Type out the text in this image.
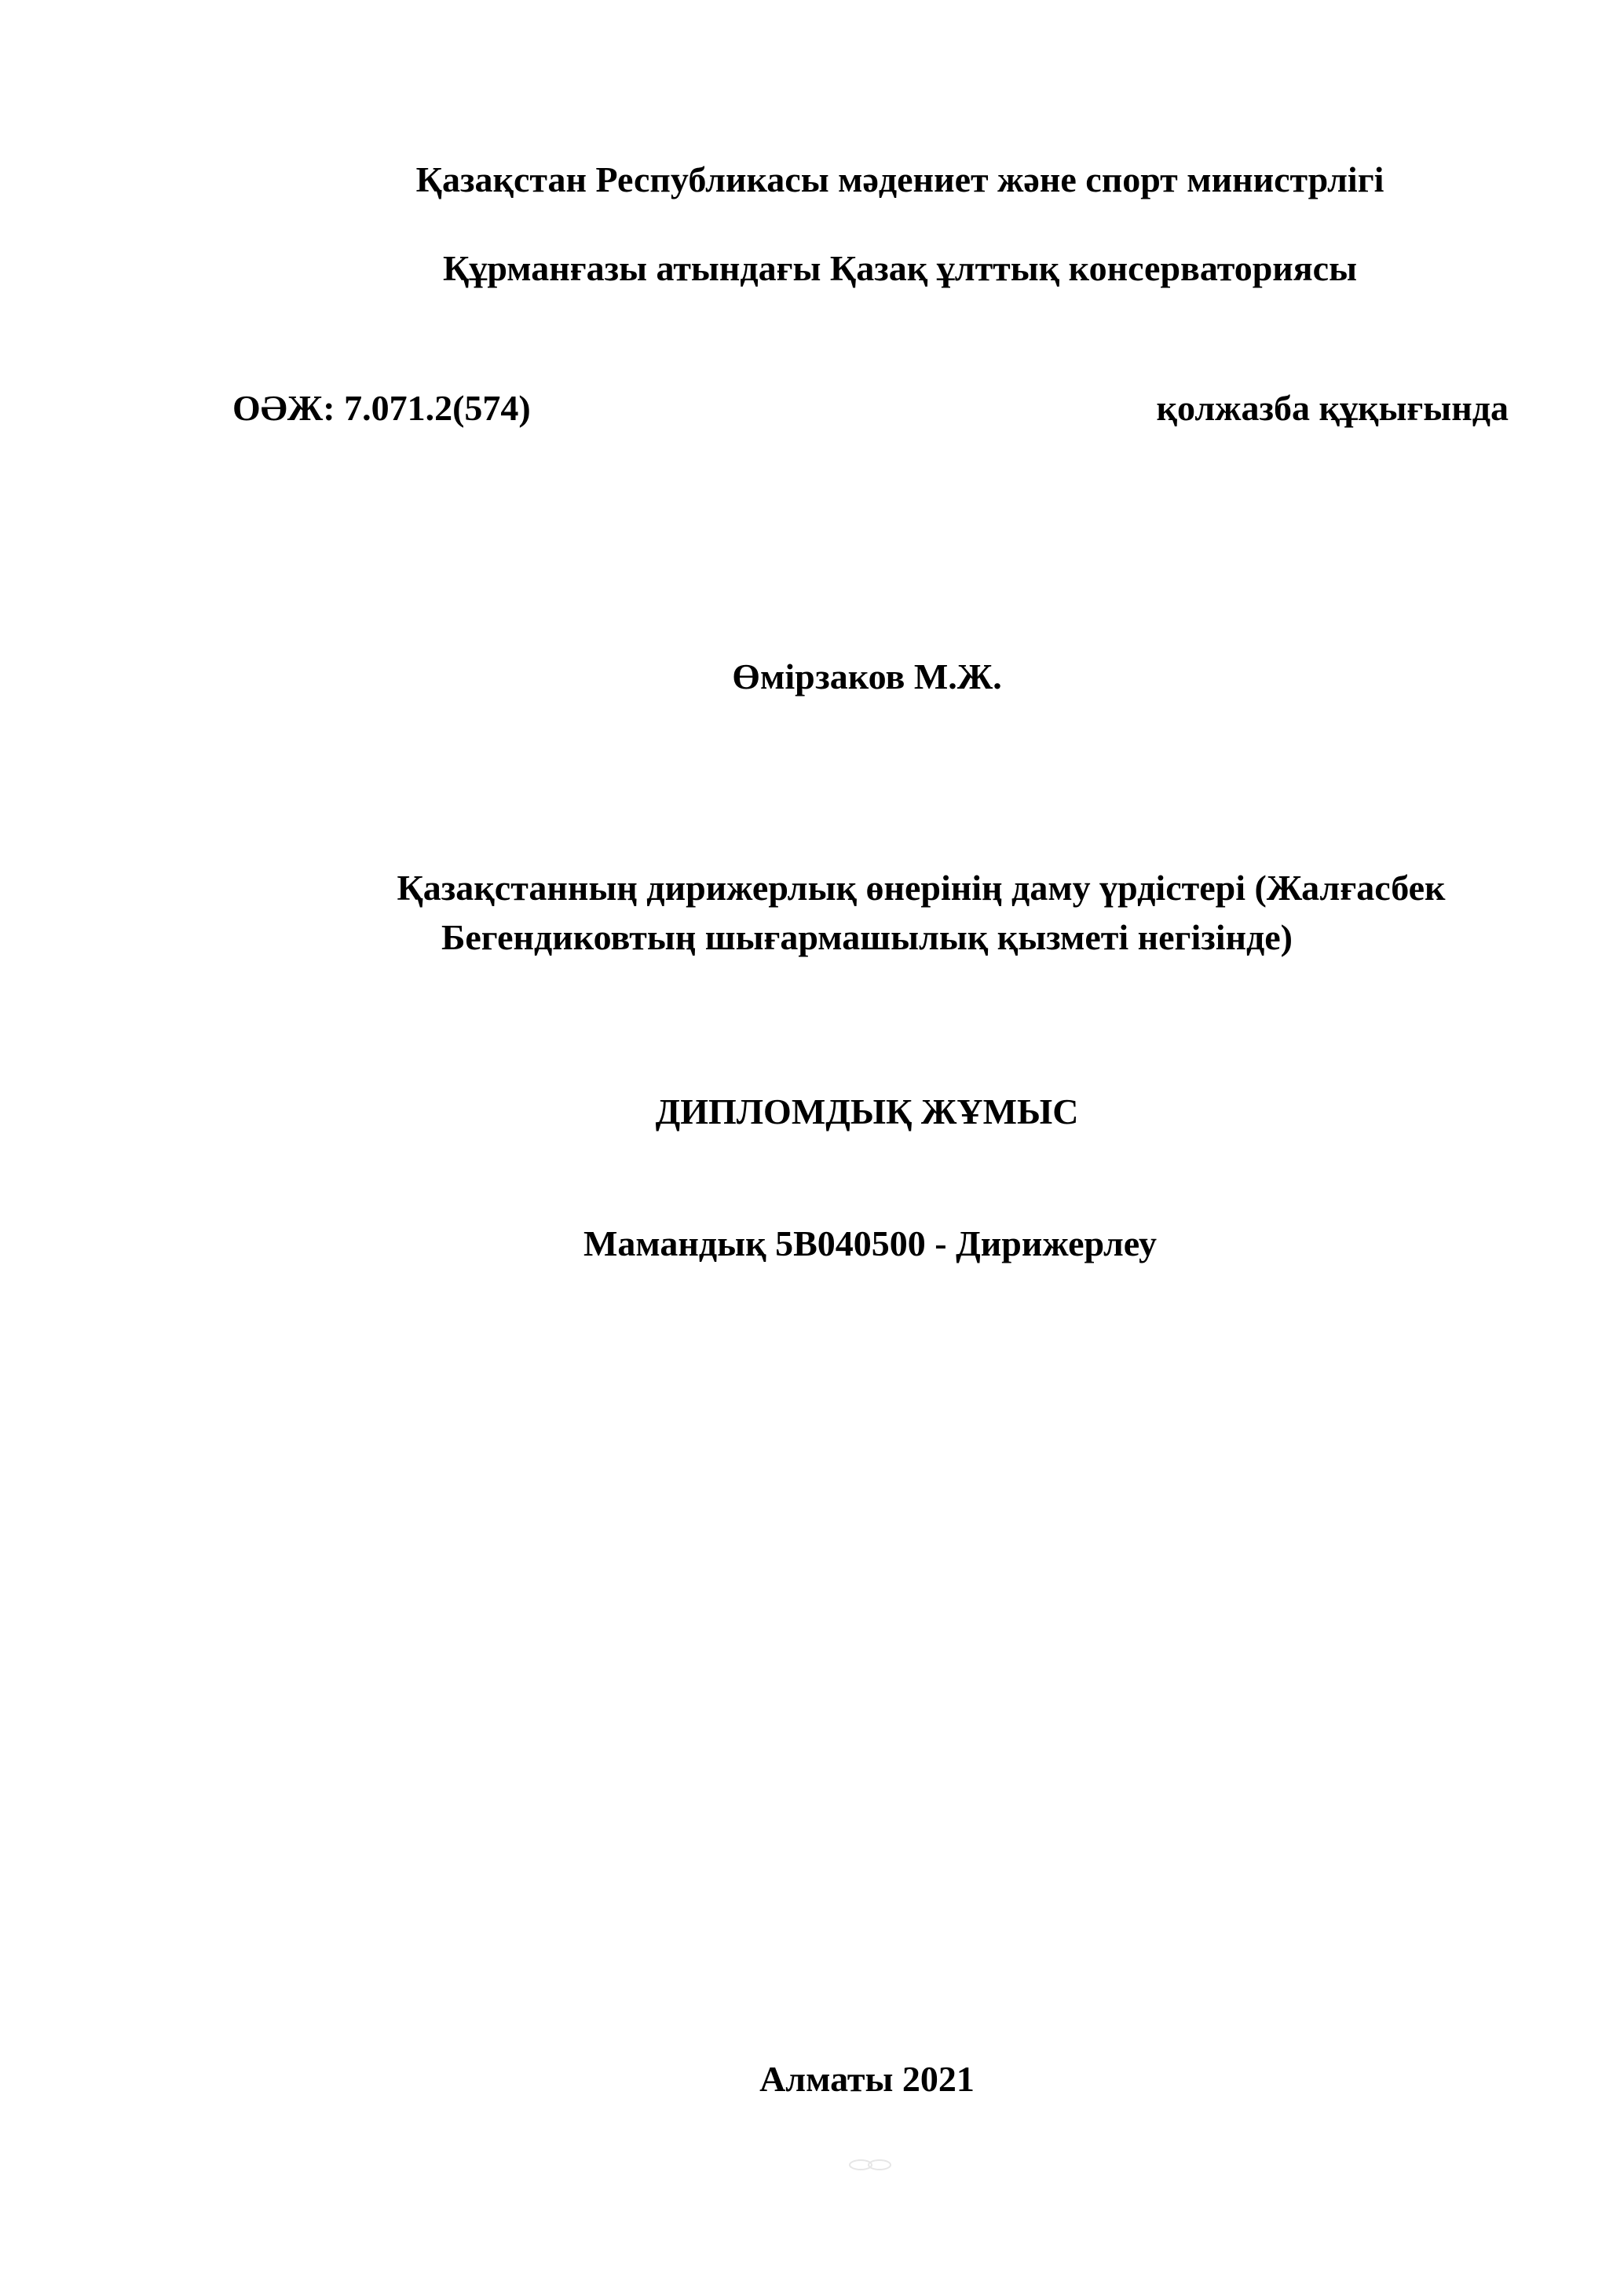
Қазақстан Республикасы мәдениет және спорт министрлігі
Құрманғазы атындағы Қазақ ұлттық консерваториясы
ОӘЖ: 7.071.2(574)	қолжазба құқығында
Өмірзаков М.Ж.
Қазақстанның дирижерлық өнерінің даму үрдістері (Жалғасбек
Бегендиковтың шығармашылық қызметі негізінде)
ДИПЛОМДЫҚ ЖҰМЫС
Мамандық 5В040500 - Дирижерлеу
Алматы 2021
